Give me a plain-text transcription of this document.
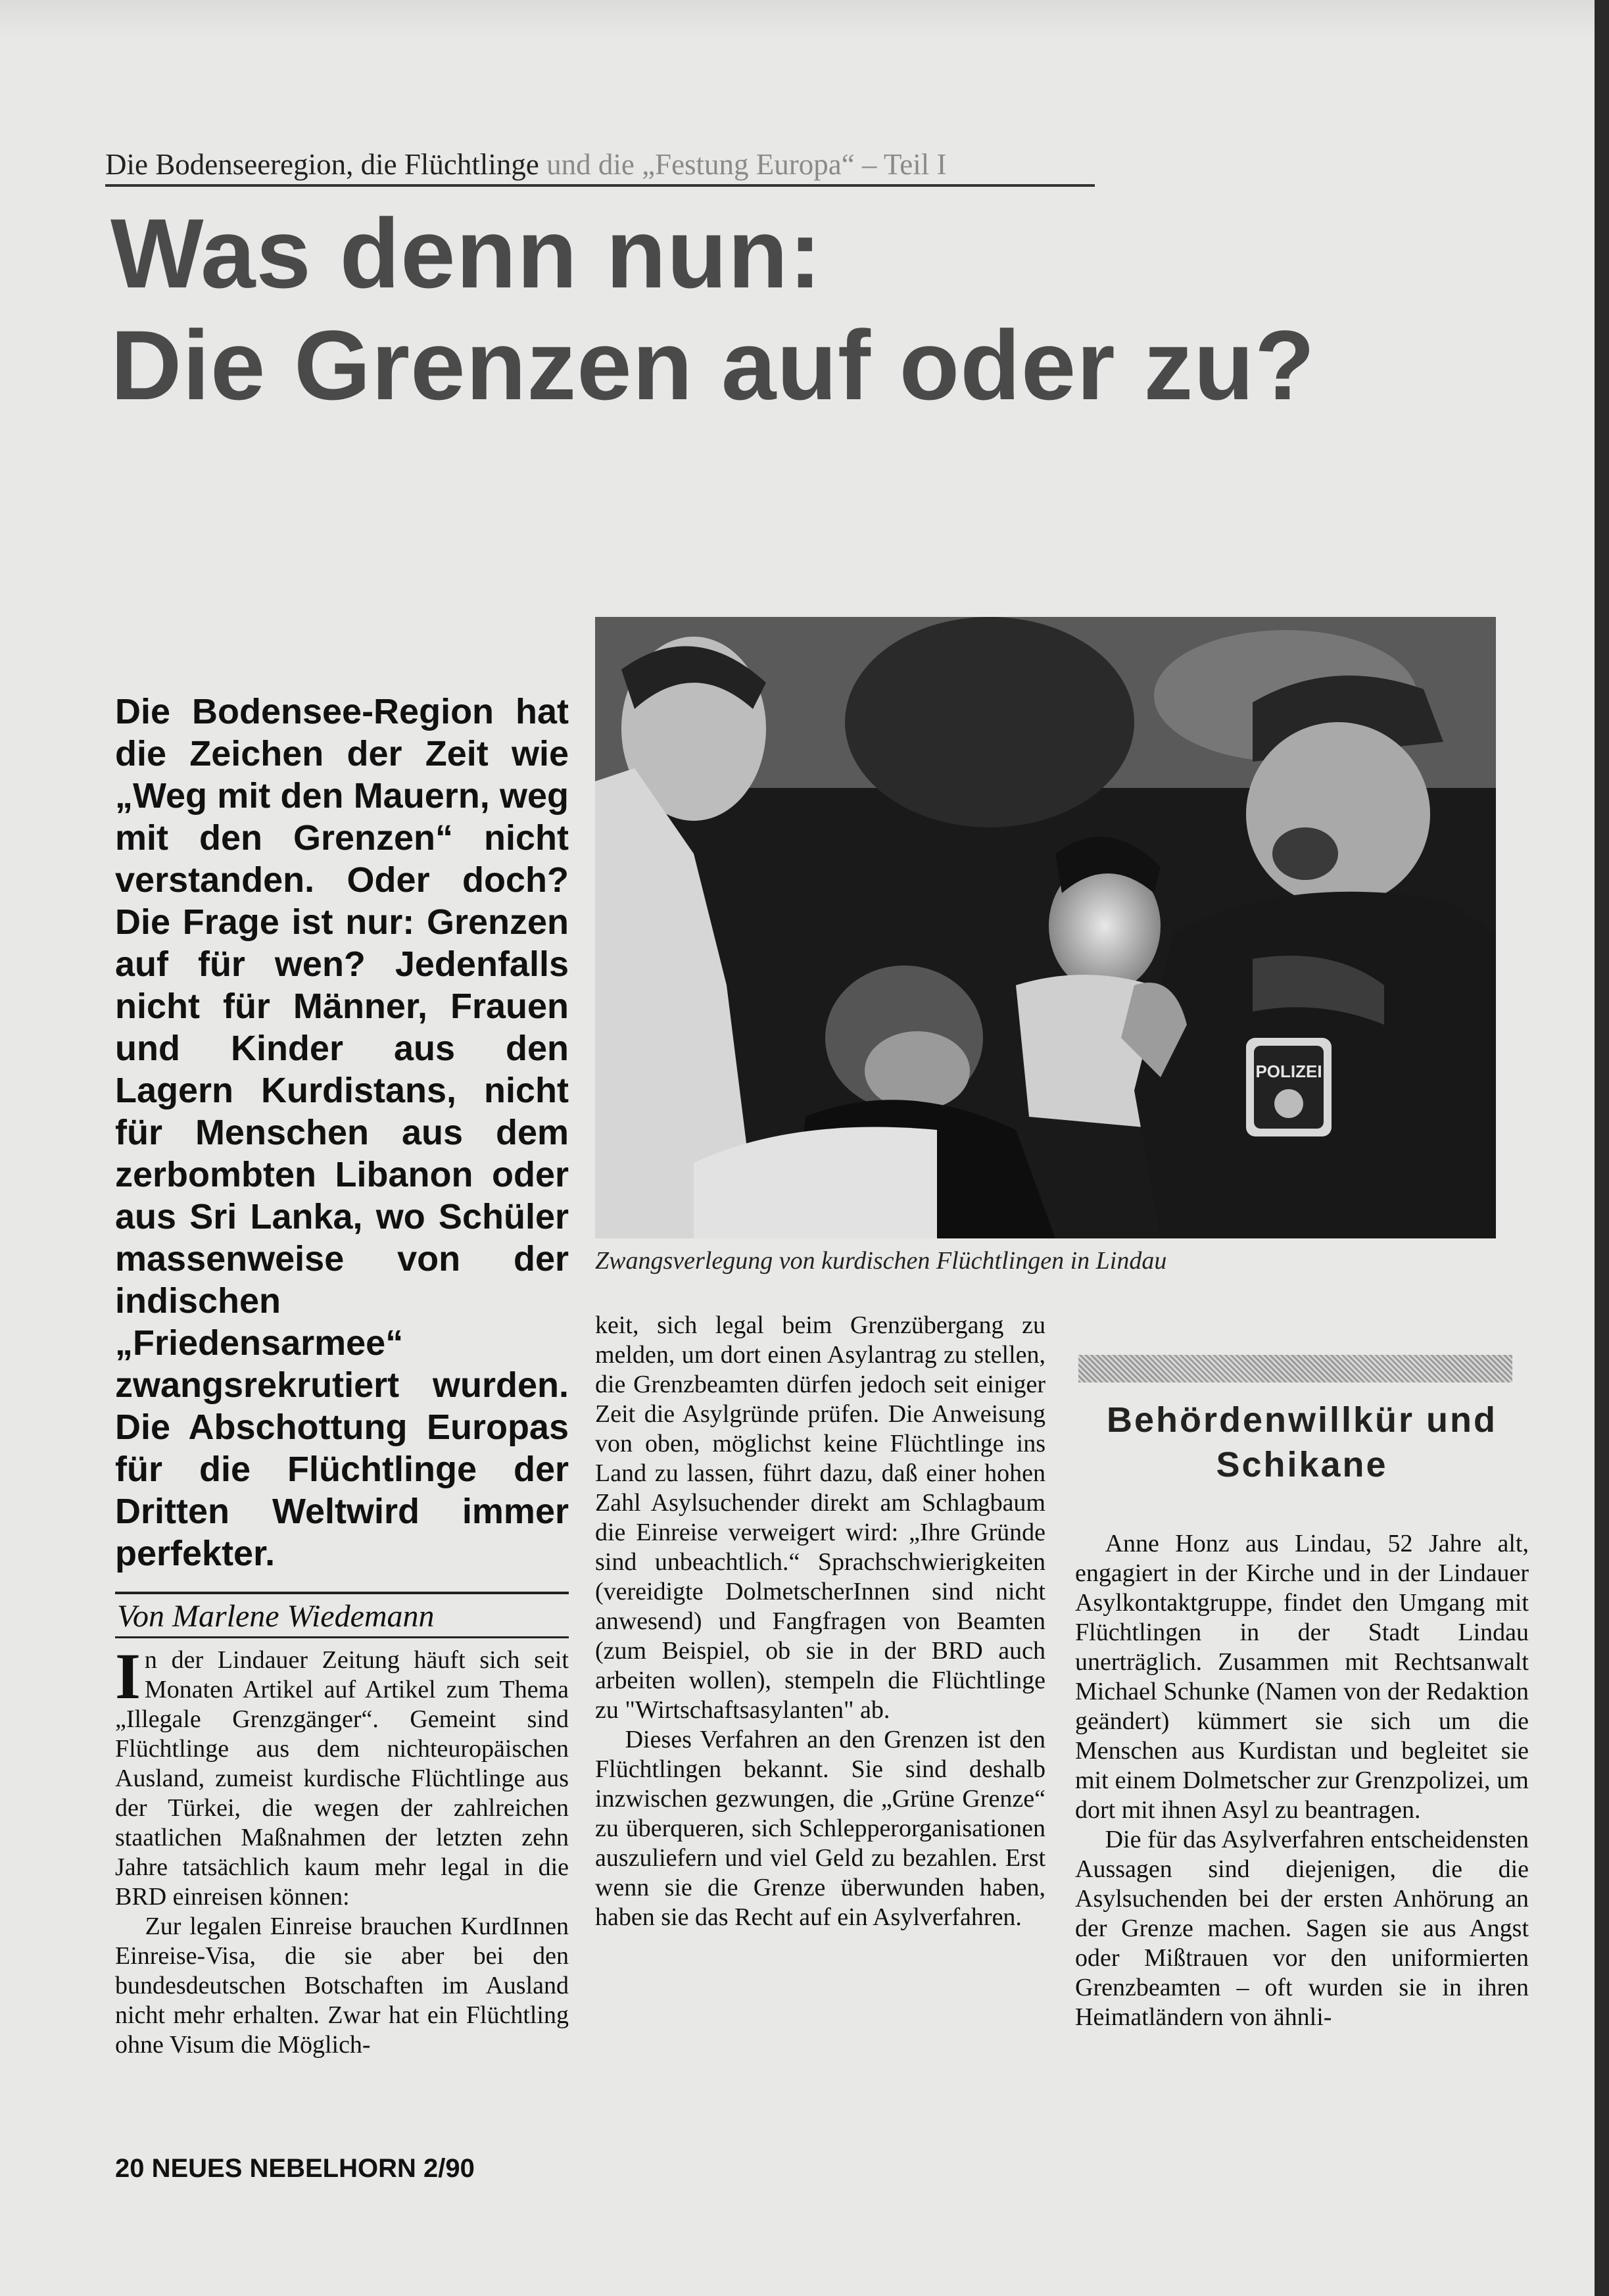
Die Bodenseeregion, die Flüchtlinge und die „Festung Europa“ – Teil I
Was denn nun:
Die Grenzen auf oder zu?
Die Bodensee-Region hat die Zeichen der Zeit wie „Weg mit den Mauern, weg mit den Grenzen“ nicht verstanden. Oder doch? Die Frage ist nur: Grenzen auf für wen? Jedenfalls nicht für Männer, Frauen und Kinder aus den Lagern Kurdistans, nicht für Menschen aus dem zerbombten Libanon oder aus Sri Lanka, wo Schüler massenweise von der indischen „Friedensarmee“ zwangsrekrutiert wurden. Die Abschottung Europas für die Flüchtlinge der Dritten Weltwird immer perfekter.
Von Marlene Wiedemann

In der Lindauer Zeitung häuft sich seit Monaten Artikel auf Artikel zum Thema „Illegale Grenzgänger“. Gemeint sind Flüchtlinge aus dem nichteuropäischen Ausland, zumeist kurdische Flüchtlinge aus der Türkei, die wegen der zahlreichen staatlichen Maßnahmen der letzten zehn Jahre tatsächlich kaum mehr legal in die BRD einreisen können:

Zur legalen Einreise brauchen KurdInnen Einreise-Visa, die sie aber bei den bundesdeutschen Botschaften im Ausland nicht mehr erhalten. Zwar hat ein Flüchtling ohne Visum die Möglich-

POLIZEI
Zwangsverlegung von kurdischen Flüchtlingen in Lindau

keit, sich legal beim Grenzübergang zu melden, um dort einen Asylantrag zu stellen, die Grenzbeamten dürfen jedoch seit einiger Zeit die Asylgründe prüfen. Die Anweisung von oben, möglichst keine Flüchtlinge ins Land zu lassen, führt dazu, daß einer hohen Zahl Asylsuchender direkt am Schlagbaum die Einreise verweigert wird: „Ihre Gründe sind unbeachtlich.“ Sprachschwierigkeiten (vereidigte DolmetscherInnen sind nicht anwesend) und Fangfragen von Beamten (zum Beispiel, ob sie in der BRD auch arbeiten wollen), stempeln die Flüchtlinge zu "Wirtschaftsasylanten" ab.

Dieses Verfahren an den Grenzen ist den Flüchtlingen bekannt. Sie sind deshalb inzwischen gezwungen, die „Grüne Grenze“ zu überqueren, sich Schlepperorganisationen auszuliefern und viel Geld zu bezahlen. Erst wenn sie die Grenze überwunden haben, haben sie das Recht auf ein Asylverfahren.

Behördenwillkür und Schikane

Anne Honz aus Lindau, 52 Jahre alt, engagiert in der Kirche und in der Lindauer Asylkontaktgruppe, findet den Umgang mit Flüchtlingen in der Stadt Lindau unerträglich. Zusammen mit Rechtsanwalt Michael Schunke (Namen von der Redaktion geändert) kümmert sie sich um die Menschen aus Kurdistan und begleitet sie mit einem Dolmetscher zur Grenzpolizei, um dort mit ihnen Asyl zu beantragen.

Die für das Asylverfahren entscheidensten Aussagen sind diejenigen, die die Asylsuchenden bei der ersten Anhörung an der Grenze machen. Sagen sie aus Angst oder Mißtrauen vor den uniformierten Grenzbeamten – oft wurden sie in ihren Heimatländern von ähnli-

20 NEUES NEBELHORN 2/90
